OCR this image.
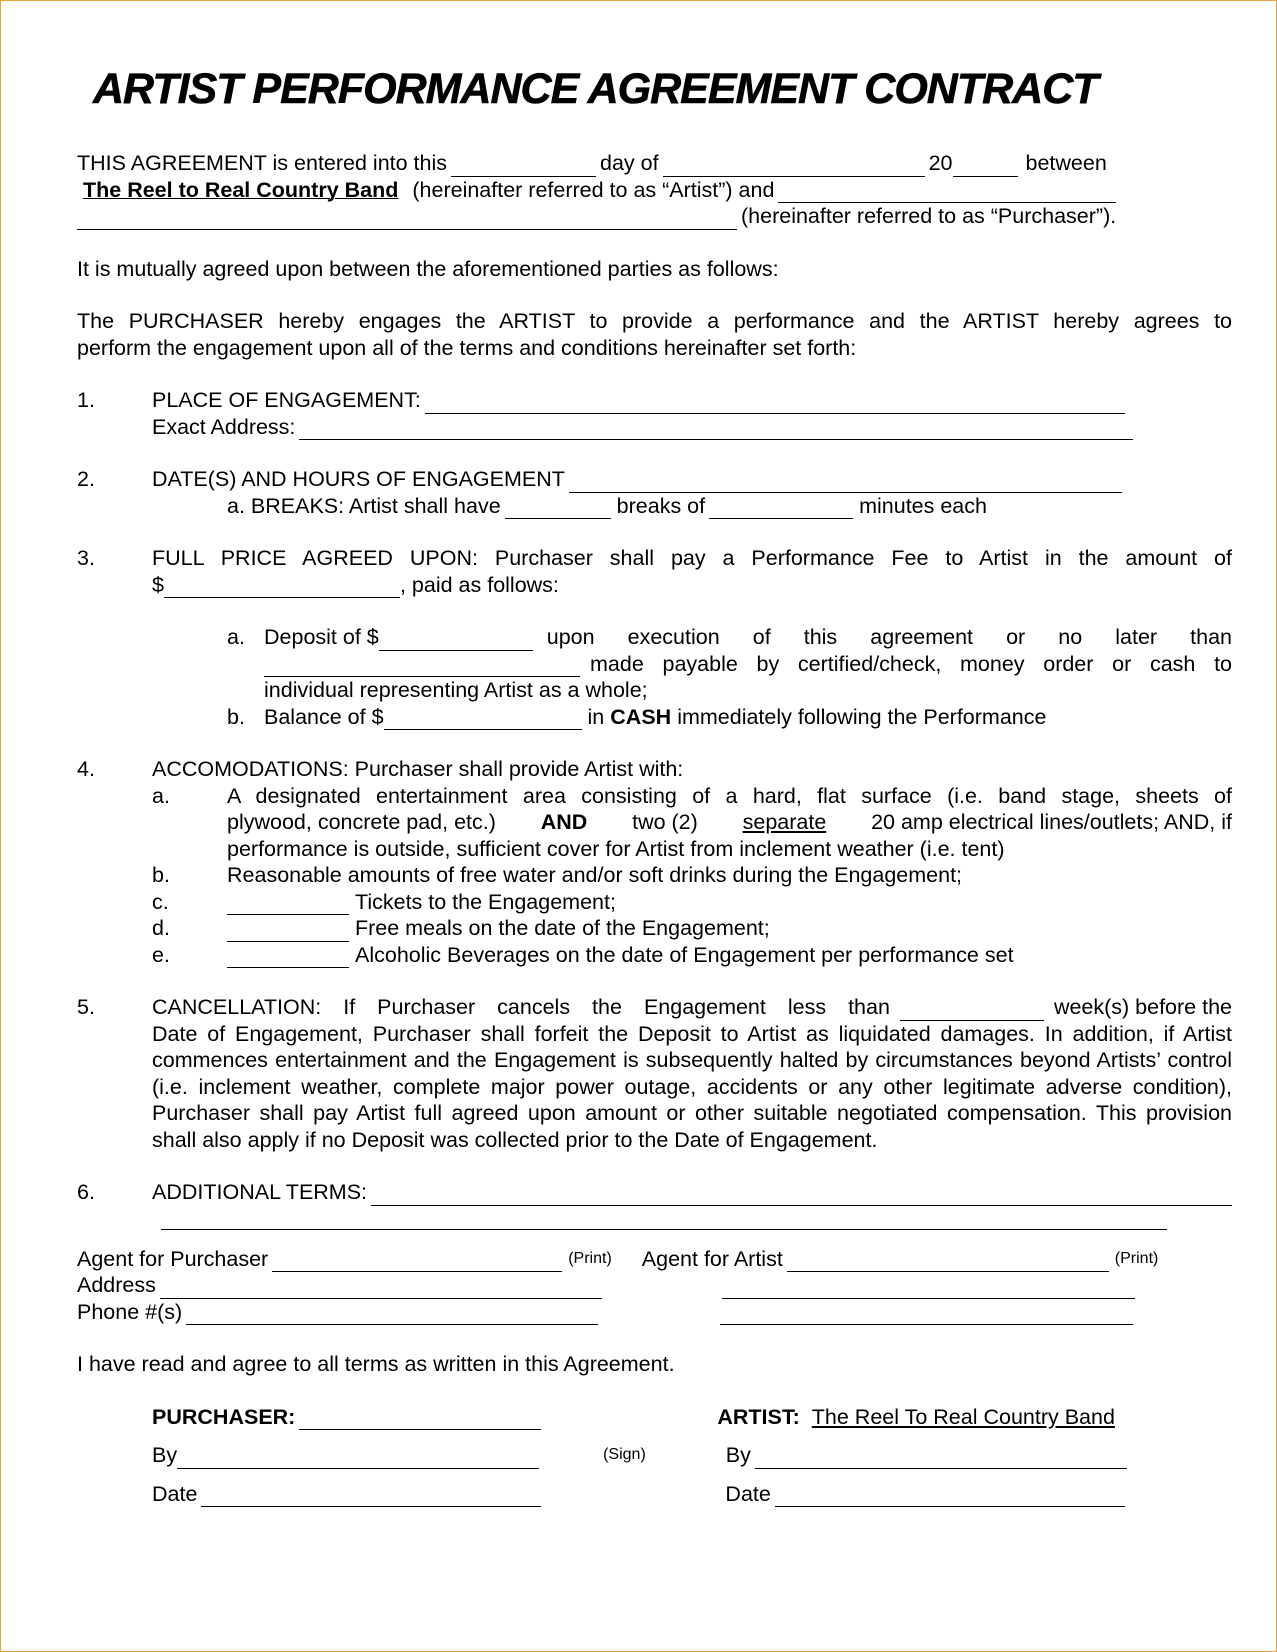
ARTIST PERFORMANCE AGREEMENT CONTRACT
THIS AGREEMENT is entered into this	day of	20	between
The Reel to Real Country Band (hereinafter referred to as “Artist”) and
(hereinafter referred to as “Purchaser”).
It is mutually agreed upon between the aforementioned parties as follows:
The PURCHASER hereby engages the ARTIST to provide a performance and the ARTIST hereby agrees to
perform the engagement upon all of the terms and conditions hereinafter set forth:
1.	PLACE OF ENGAGEMENT:
Exact Address:
2.	DATE(S) AND HOURS OF ENGAGEMENT
a. BREAKS: Artist shall have	breaks of	minutes each
3.	FULL PRICE AGREED UPON: Purchaser shall pay a Performance Fee to Artist in the amount of
$	, paid as follows:
a. Deposit of $	upon execution of this agreement or no later than
made payable by certified/check, money order or cash to
individual representing Artist as a whole;
b. Balance of $	in CASH immediately following the Performance
4.	ACCOMODATIONS: Purchaser shall provide Artist with:
a.	A designated entertainment area consisting of a hard, flat surface (i.e. band stage, sheets of
plywood, concrete pad, etc.) AND two (2) separate 20 amp electrical lines/outlets; AND, if
performance is outside, sufficient cover for Artist from inclement weather (i.e. tent)
b.	Reasonable amounts of free water and/or soft drinks during the Engagement;
c.	Tickets to the Engagement;
d.	Free meals on the date of the Engagement;
e.	Alcoholic Beverages on the date of Engagement per performance set
5.	CANCELLATION: If Purchaser cancels the Engagement less than	week(s) before the
Date of Engagement, Purchaser shall forfeit the Deposit to Artist as liquidated damages. In addition, if Artist commences entertainment and the Engagement is subsequently halted by circumstances beyond Artists’ control (i.e. inclement weather, complete major power outage, accidents or any other legitimate adverse condition), Purchaser shall pay Artist full agreed upon amount or other suitable negotiated compensation. This provision shall also apply if no Deposit was collected prior to the Date of Engagement.
6.	ADDITIONAL TERMS:
Agent for Purchaser	(Print) Agent for Artist	(Print)
Address
Phone #(s)
I have read and agree to all terms as written in this Agreement.
PURCHASER:	ARTIST: The Reel To Real Country Band
By	(Sign)	By
Date	Date
